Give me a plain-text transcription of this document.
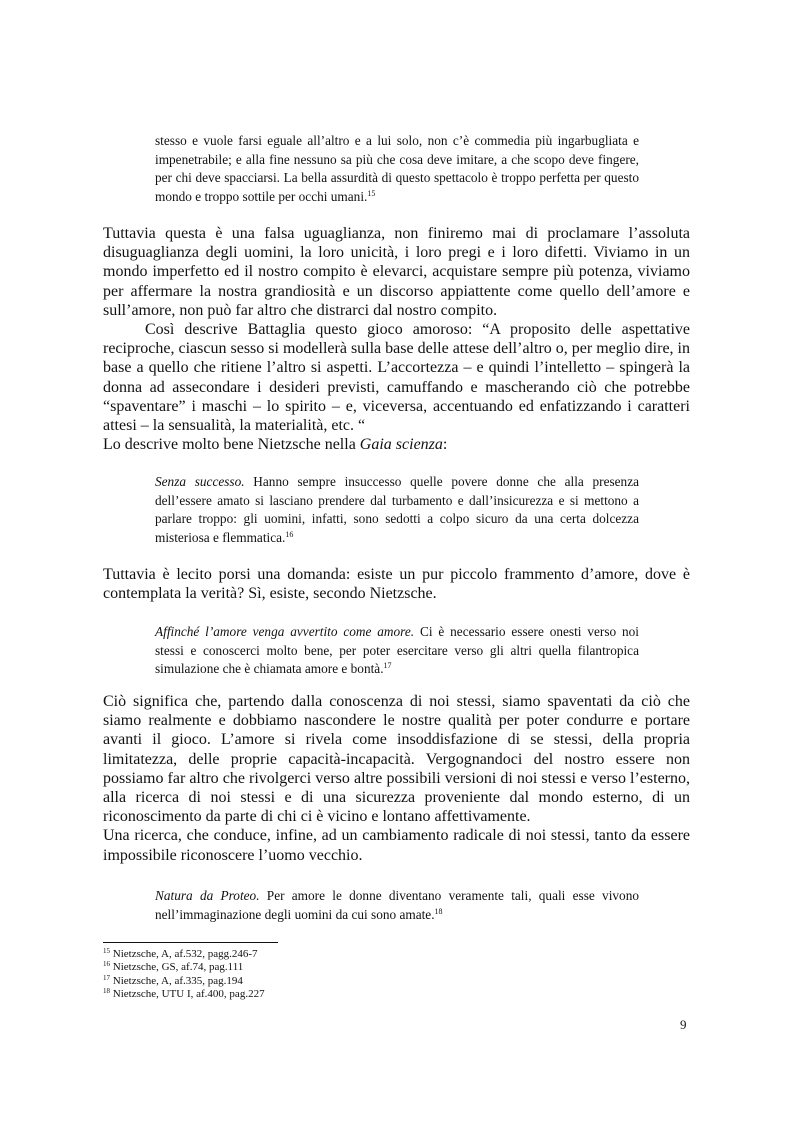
stesso e vuole farsi eguale all’altro e a lui solo, non c’è commedia più ingarbugliata e impenetrabile; e alla fine nessuno sa più che cosa deve imitare, a che scopo deve fingere, per chi deve spacciarsi. La bella assurdità di questo spettacolo è troppo perfetta per questo mondo e troppo sottile per occhi umani.$^{15}$

Tuttavia questa è una falsa uguaglianza, non finiremo mai di proclamare l’assoluta disuguaglianza degli uomini, la loro unicità, i loro pregi e i loro difetti. Viviamo in un mondo imperfetto ed il nostro compito è elevarci, acquistare sempre più potenza, viviamo per affermare la nostra grandiosità e un discorso appiattente come quello dell’amore e sull’amore, non può far altro che distrarci dal nostro compito.

Così descrive Battaglia questo gioco amoroso: “A proposito delle aspettative reciproche, ciascun sesso si modellerà sulla base delle attese dell’altro o, per meglio dire, in base a quello che ritiene l’altro si aspetti. L’accortezza – e quindi l’intelletto – spingerà la donna ad assecondare i desideri previsti, camuffando e mascherando ciò che potrebbe “spaventare” i maschi – lo spirito – e, viceversa, accentuando ed enfatizzando i caratteri attesi – la sensualità, la materialità, etc. “

Lo descrive molto bene Nietzsche nella Gaia scienza:

Senza successo. Hanno sempre insuccesso quelle povere donne che alla presenza dell’essere amato si lasciano prendere dal turbamento e dall’insicurezza e si mettono a parlare troppo: gli uomini, infatti, sono sedotti a colpo sicuro da una certa dolcezza misteriosa e flemmatica.$^{16}$

Tuttavia è lecito porsi una domanda: esiste un pur piccolo frammento d’amore, dove è contemplata la verità? Sì, esiste, secondo Nietzsche.

Affinché l’amore venga avvertito come amore. Ci è necessario essere onesti verso noi stessi e conoscerci molto bene, per poter esercitare verso gli altri quella filantropica simulazione che è chiamata amore e bontà.$^{17}$

Ciò significa che, partendo dalla conoscenza di noi stessi, siamo spaventati da ciò che siamo realmente e dobbiamo nascondere le nostre qualità per poter condurre e portare avanti il gioco. L’amore si rivela come insoddisfazione di se stessi, della propria limitatezza, delle proprie capacità-incapacità. Vergognandoci del nostro essere non possiamo far altro che rivolgerci verso altre possibili versioni di noi stessi e verso l’esterno, alla ricerca di noi stessi e di una sicurezza proveniente dal mondo esterno, di un riconoscimento da parte di chi ci è vicino e lontano affettivamente.

Una ricerca, che conduce, infine, ad un cambiamento radicale di noi stessi, tanto da essere impossibile riconoscere l’uomo vecchio.

Natura da Proteo. Per amore le donne diventano veramente tali, quali esse vivono nell’immaginazione degli uomini da cui sono amate.$^{18}$
$^{15}$ Nietzsche, A, af.532, pagg.246-7
$^{16}$ Nietzsche, GS, af.74, pag.111
$^{17}$ Nietzsche, A, af.335, pag.194
$^{18}$ Nietzsche, UTU I, af.400, pag.227
9
